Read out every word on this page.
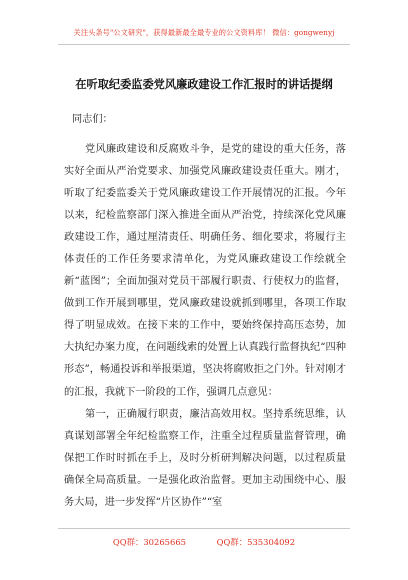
关注头条号"公文研究"，获得最新最全最专业的公文资料库！ 微信：gongwenyj
在听取纪委监委党风廉政建设工作汇报时的讲话提纲

同志们：

党风廉政建设和反腐败斗争，是党的建设的重大任务，落实好全面从严治党要求、加强党风廉政建设责任重大。刚才，听取了纪委监委关于党风廉政建设工作开展情况的汇报。今年以来，纪检监察部门深入推进全面从严治党，持续深化党风廉政建设工作，通过厘清责任、明确任务、细化要求，将履行主体责任的工作任务要求清单化，为党风廉政建设工作绘就全新“蓝图”；全面加强对党员干部履行职责、行使权力的监督，做到工作开展到哪里，党风廉政建设就抓到哪里，各项工作取得了明显成效。在接下来的工作中，要始终保持高压态势，加大执纪办案力度，在问题线索的处置上认真践行监督执纪“四种形态”，畅通投诉和举报渠道，坚决将腐败拒之门外。针对刚才的汇报，我就下一阶段的工作，强调几点意见：

第一，正确履行职责，廉洁高效用权。坚持系统思维，认真谋划部署全年纪检监察工作，注重全过程质量监督管理，确保把工作时时抓在手上，及时分析研判解决问题，以过程质量确保全局高质量。一是强化政治监督。更加主动围绕中心、服务大局，进一步发挥“片区协作”“室

QQ群：30265665	QQ群：535304092
